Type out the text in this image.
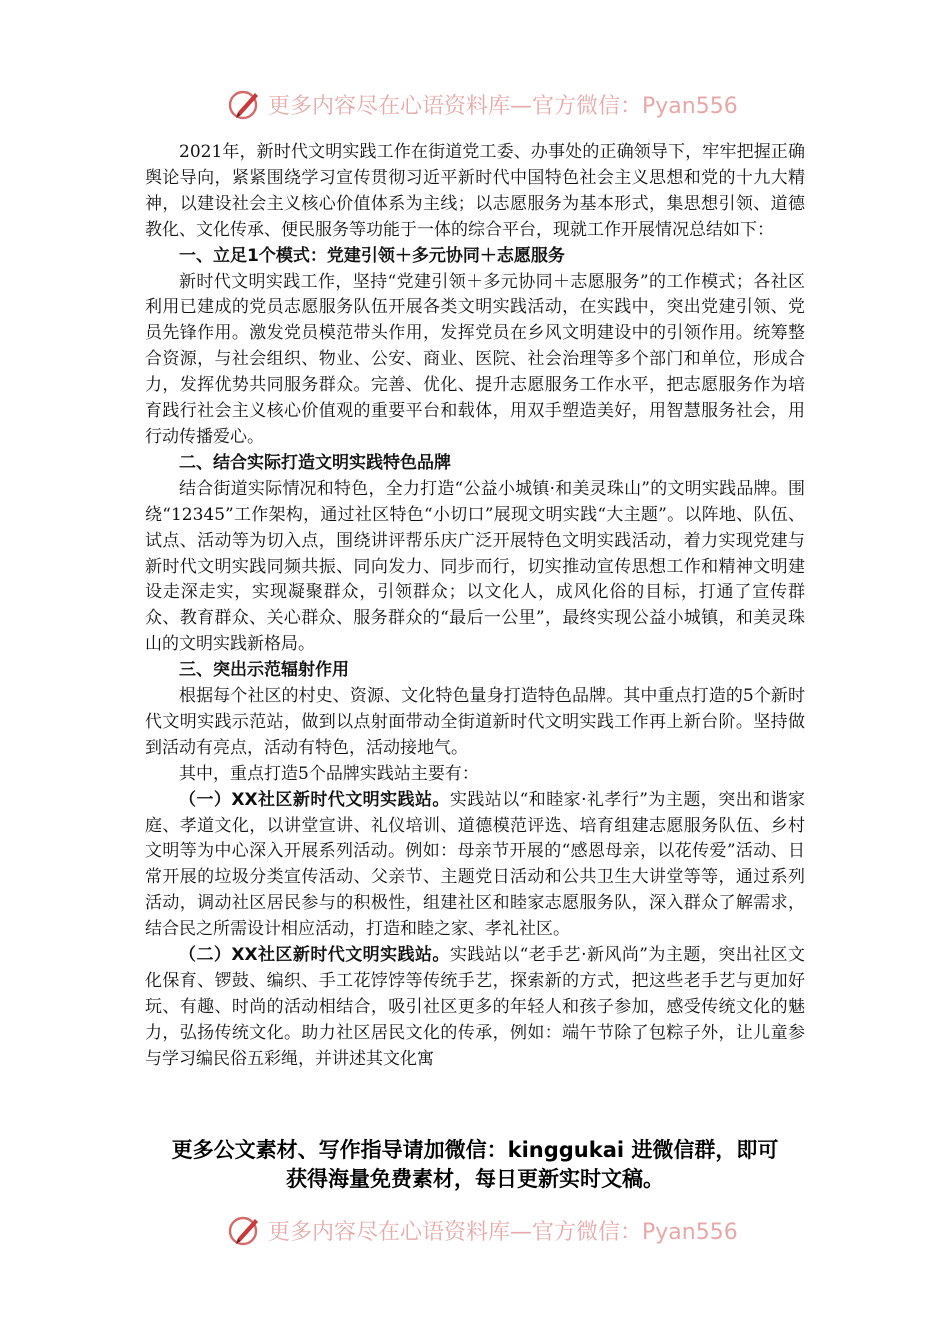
更多内容尽在心语资料库—官方微信：Pyan556

2021年，新时代文明实践工作在街道党工委、办事处的正确领导下，牢牢把握正确舆论导向，紧紧围绕学习宣传贯彻习近平新时代中国特色社会主义思想和党的十九大精神，以建设社会主义核心价值体系为主线；以志愿服务为基本形式，集思想引领、道德教化、文化传承、便民服务等功能于一体的综合平台，现就工作开展情况总结如下：

一、立足1个模式：党建引领＋多元协同＋志愿服务

新时代文明实践工作，坚持“党建引领＋多元协同＋志愿服务”的工作模式；各社区利用已建成的党员志愿服务队伍开展各类文明实践活动，在实践中，突出党建引领、党员先锋作用。激发党员模范带头作用，发挥党员在乡风文明建设中的引领作用。统筹整合资源，与社会组织、物业、公安、商业、医院、社会治理等多个部门和单位，形成合力，发挥优势共同服务群众。完善、优化、提升志愿服务工作水平，把志愿服务作为培育践行社会主义核心价值观的重要平台和载体，用双手塑造美好，用智慧服务社会，用行动传播爱心。

二、结合实际打造文明实践特色品牌

结合街道实际情况和特色，全力打造“公益小城镇·和美灵珠山”的文明实践品牌。围绕“12345”工作架构，通过社区特色“小切口”展现文明实践“大主题”。以阵地、队伍、试点、活动等为切入点，围绕讲评帮乐庆广泛开展特色文明实践活动，着力实现党建与新时代文明实践同频共振、同向发力、同步而行，切实推动宣传思想工作和精神文明建设走深走实，实现凝聚群众，引领群众；以文化人，成风化俗的目标，打通了宣传群众、教育群众、关心群众、服务群众的“最后一公里”，最终实现公益小城镇，和美灵珠山的文明实践新格局。

三、突出示范辐射作用

根据每个社区的村史、资源、文化特色量身打造特色品牌。其中重点打造的5个新时代文明实践示范站，做到以点射面带动全街道新时代文明实践工作再上新台阶。坚持做到活动有亮点，活动有特色，活动接地气。

其中，重点打造5个品牌实践站主要有：

（一）XX社区新时代文明实践站。实践站以“和睦家·礼孝行”为主题，突出和谐家庭、孝道文化，以讲堂宣讲、礼仪培训、道德模范评选、培育组建志愿服务队伍、乡村文明等为中心深入开展系列活动。例如：母亲节开展的“感恩母亲，以花传爱”活动、日常开展的垃圾分类宣传活动、父亲节、主题党日活动和公共卫生大讲堂等等，通过系列活动，调动社区居民参与的积极性，组建社区和睦家志愿服务队，深入群众了解需求，结合民之所需设计相应活动，打造和睦之家、孝礼社区。

（二）XX社区新时代文明实践站。实践站以“老手艺·新风尚”为主题，突出社区文化保育、锣鼓、编织、手工花饽饽等传统手艺，探索新的方式，把这些老手艺与更加好玩、有趣、时尚的活动相结合，吸引社区更多的年轻人和孩子参加，感受传统文化的魅力，弘扬传统文化。助力社区居民文化的传承，例如：端午节除了包粽子外，让儿童参与学习编民俗五彩绳，并讲述其文化寓

更多公文素材、写作指导请加微信：kinggukai 进微信群，即可
获得海量免费素材，每日更新实时文稿。
更多内容尽在心语资料库—官方微信：Pyan556
